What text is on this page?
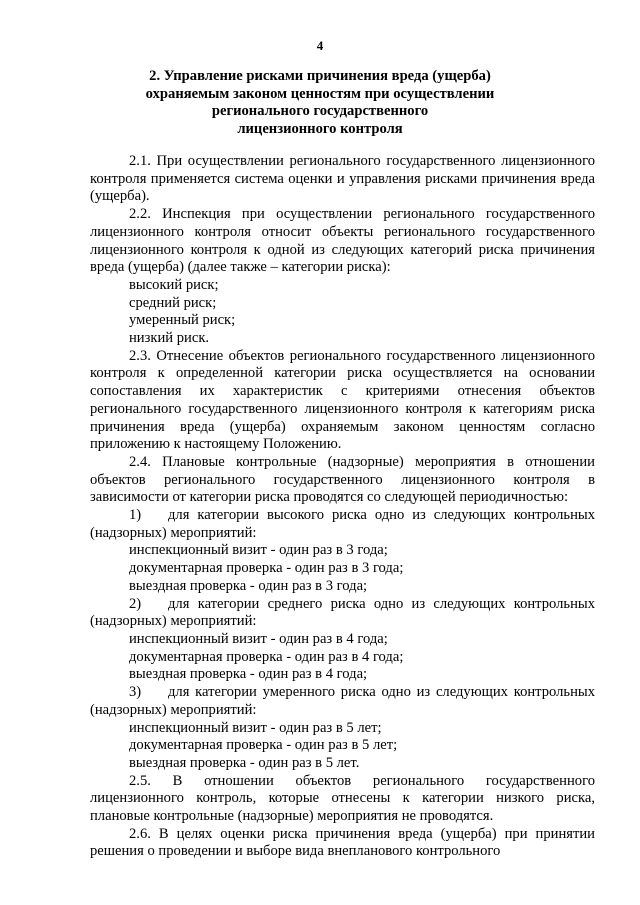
4
2. Управление рисками причинения вреда (ущерба)
охраняемым законом ценностям при осуществлении
регионального государственного
лицензионного контроля

2.1. При осуществлении регионального государственного лицензионного контроля применяется система оценки и управления рисками причинения вреда (ущерба).

2.2. Инспекция при осуществлении регионального государственного лицензионного контроля относит объекты регионального государственного лицензионного контроля к одной из следующих категорий риска причинения вреда (ущерба) (далее также – категории риска):

высокий риск;

средний риск;

умеренный риск;

низкий риск.

2.3. Отнесение объектов регионального государственного лицензионного контроля к определенной категории риска осуществляется на основании сопоставления их характеристик с критериями отнесения объектов регионального государственного лицензионного контроля к категориям риска причинения вреда (ущерба) охраняемым законом ценностям согласно приложению к настоящему Положению.

2.4. Плановые контрольные (надзорные) мероприятия в отношении объектов регионального государственного лицензионного контроля в зависимости от категории риска проводятся со следующей периодичностью:

1) для категории высокого риска одно из следующих контрольных (надзорных) мероприятий:

инспекционный визит - один раз в 3 года;

документарная проверка - один раз в 3 года;

выездная проверка - один раз в 3 года;

2) для категории среднего риска одно из следующих контрольных (надзорных) мероприятий:

инспекционный визит - один раз в 4 года;

документарная проверка - один раз в 4 года;

выездная проверка - один раз в 4 года;

3) для категории умеренного риска одно из следующих контрольных (надзорных) мероприятий:

инспекционный визит - один раз в 5 лет;

документарная проверка - один раз в 5 лет;

выездная проверка - один раз в 5 лет.

2.5. В отношении объектов регионального государственного лицензионного контроль, которые отнесены к категории низкого риска, плановые контрольные (надзорные) мероприятия не проводятся.

2.6. В целях оценки риска причинения вреда (ущерба) при принятии решения о проведении и выборе вида внепланового контрольного
